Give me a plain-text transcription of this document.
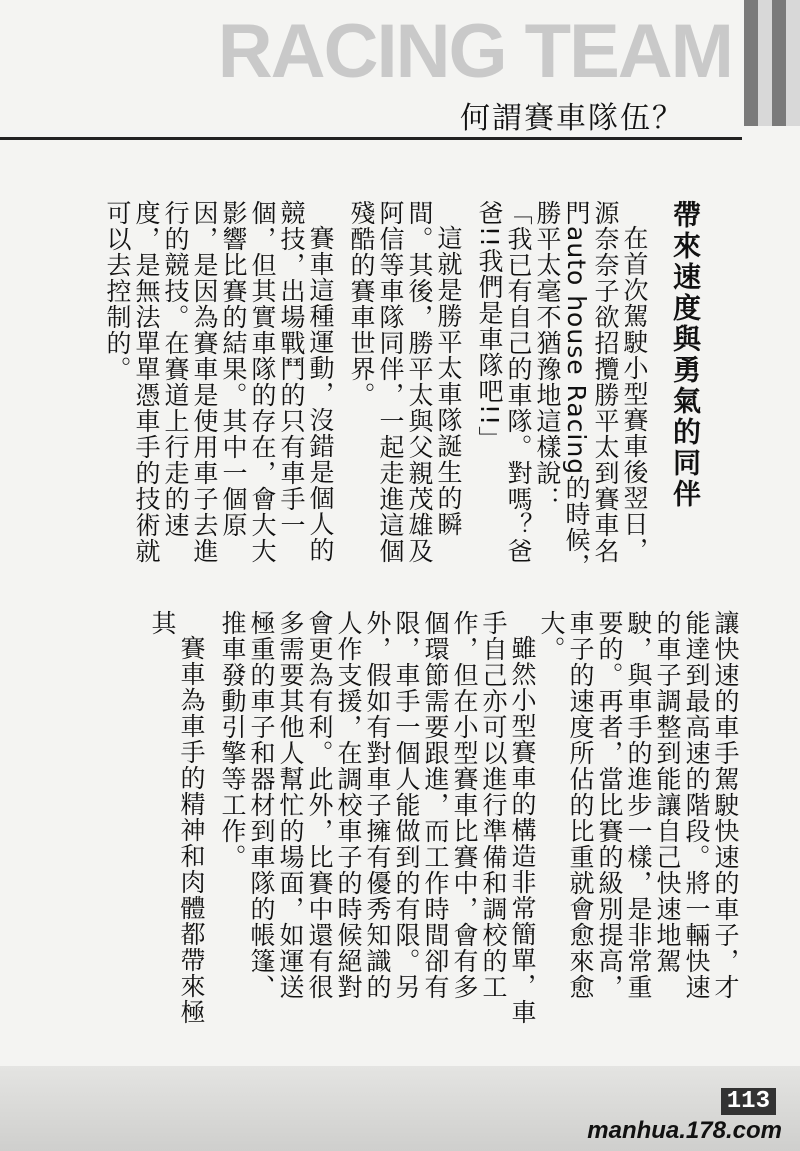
RACING TEAM
何謂賽車隊伍？

帶來速度與勇氣的同伴

在首次駕駛小型賽車後翌日，源奈奈子欲招攬勝平太到賽車名門auto house Racing的時候，勝平太毫不猶豫地這樣說：

「我已有自己的車隊。對嗎？爸爸!!我們是車隊吧!!」

這就是勝平太車隊誕生的瞬間。其後，勝平太與父親茂雄及阿信等車隊同伴，一起走進這個殘酷的賽車世界。

賽車這種運動，沒錯是個人的競技，出場戰鬥的只有車手一個，但其實車隊的存在，會大大影響比賽的結果。其中一個原因，是因為賽車是使用車子去進行的競技。在賽道上行走的速度，是無法單單憑車手的技術就可以去控制的。

讓快速的車手駕駛快速的車子，才能達到最高速的階段。將一輛快速的車子調整到能讓自己快速地駕駛，與車手的進步一樣，是非常重要的。再者，當比賽的級別提高，車子的速度所佔的比重就會愈來愈大。

雖然小型賽車的構造非常簡單，車手自己亦可以進行準備和調校的工作，但在小型賽車比賽中，會有多個環節需要跟進，而工作時間卻有限，車手一個人能做到的有限。另外，假如有對車子擁有優秀知識的人作支援，在調校車子的時候絕對會更為有利。此外，比賽中還有很多需要其他人幫忙的場面，如運送極重的車子和器材到車隊的帳篷、推車發動引擎等工作。

賽車為車手的精神和肉體都帶來極其

113
manhua.178.com
